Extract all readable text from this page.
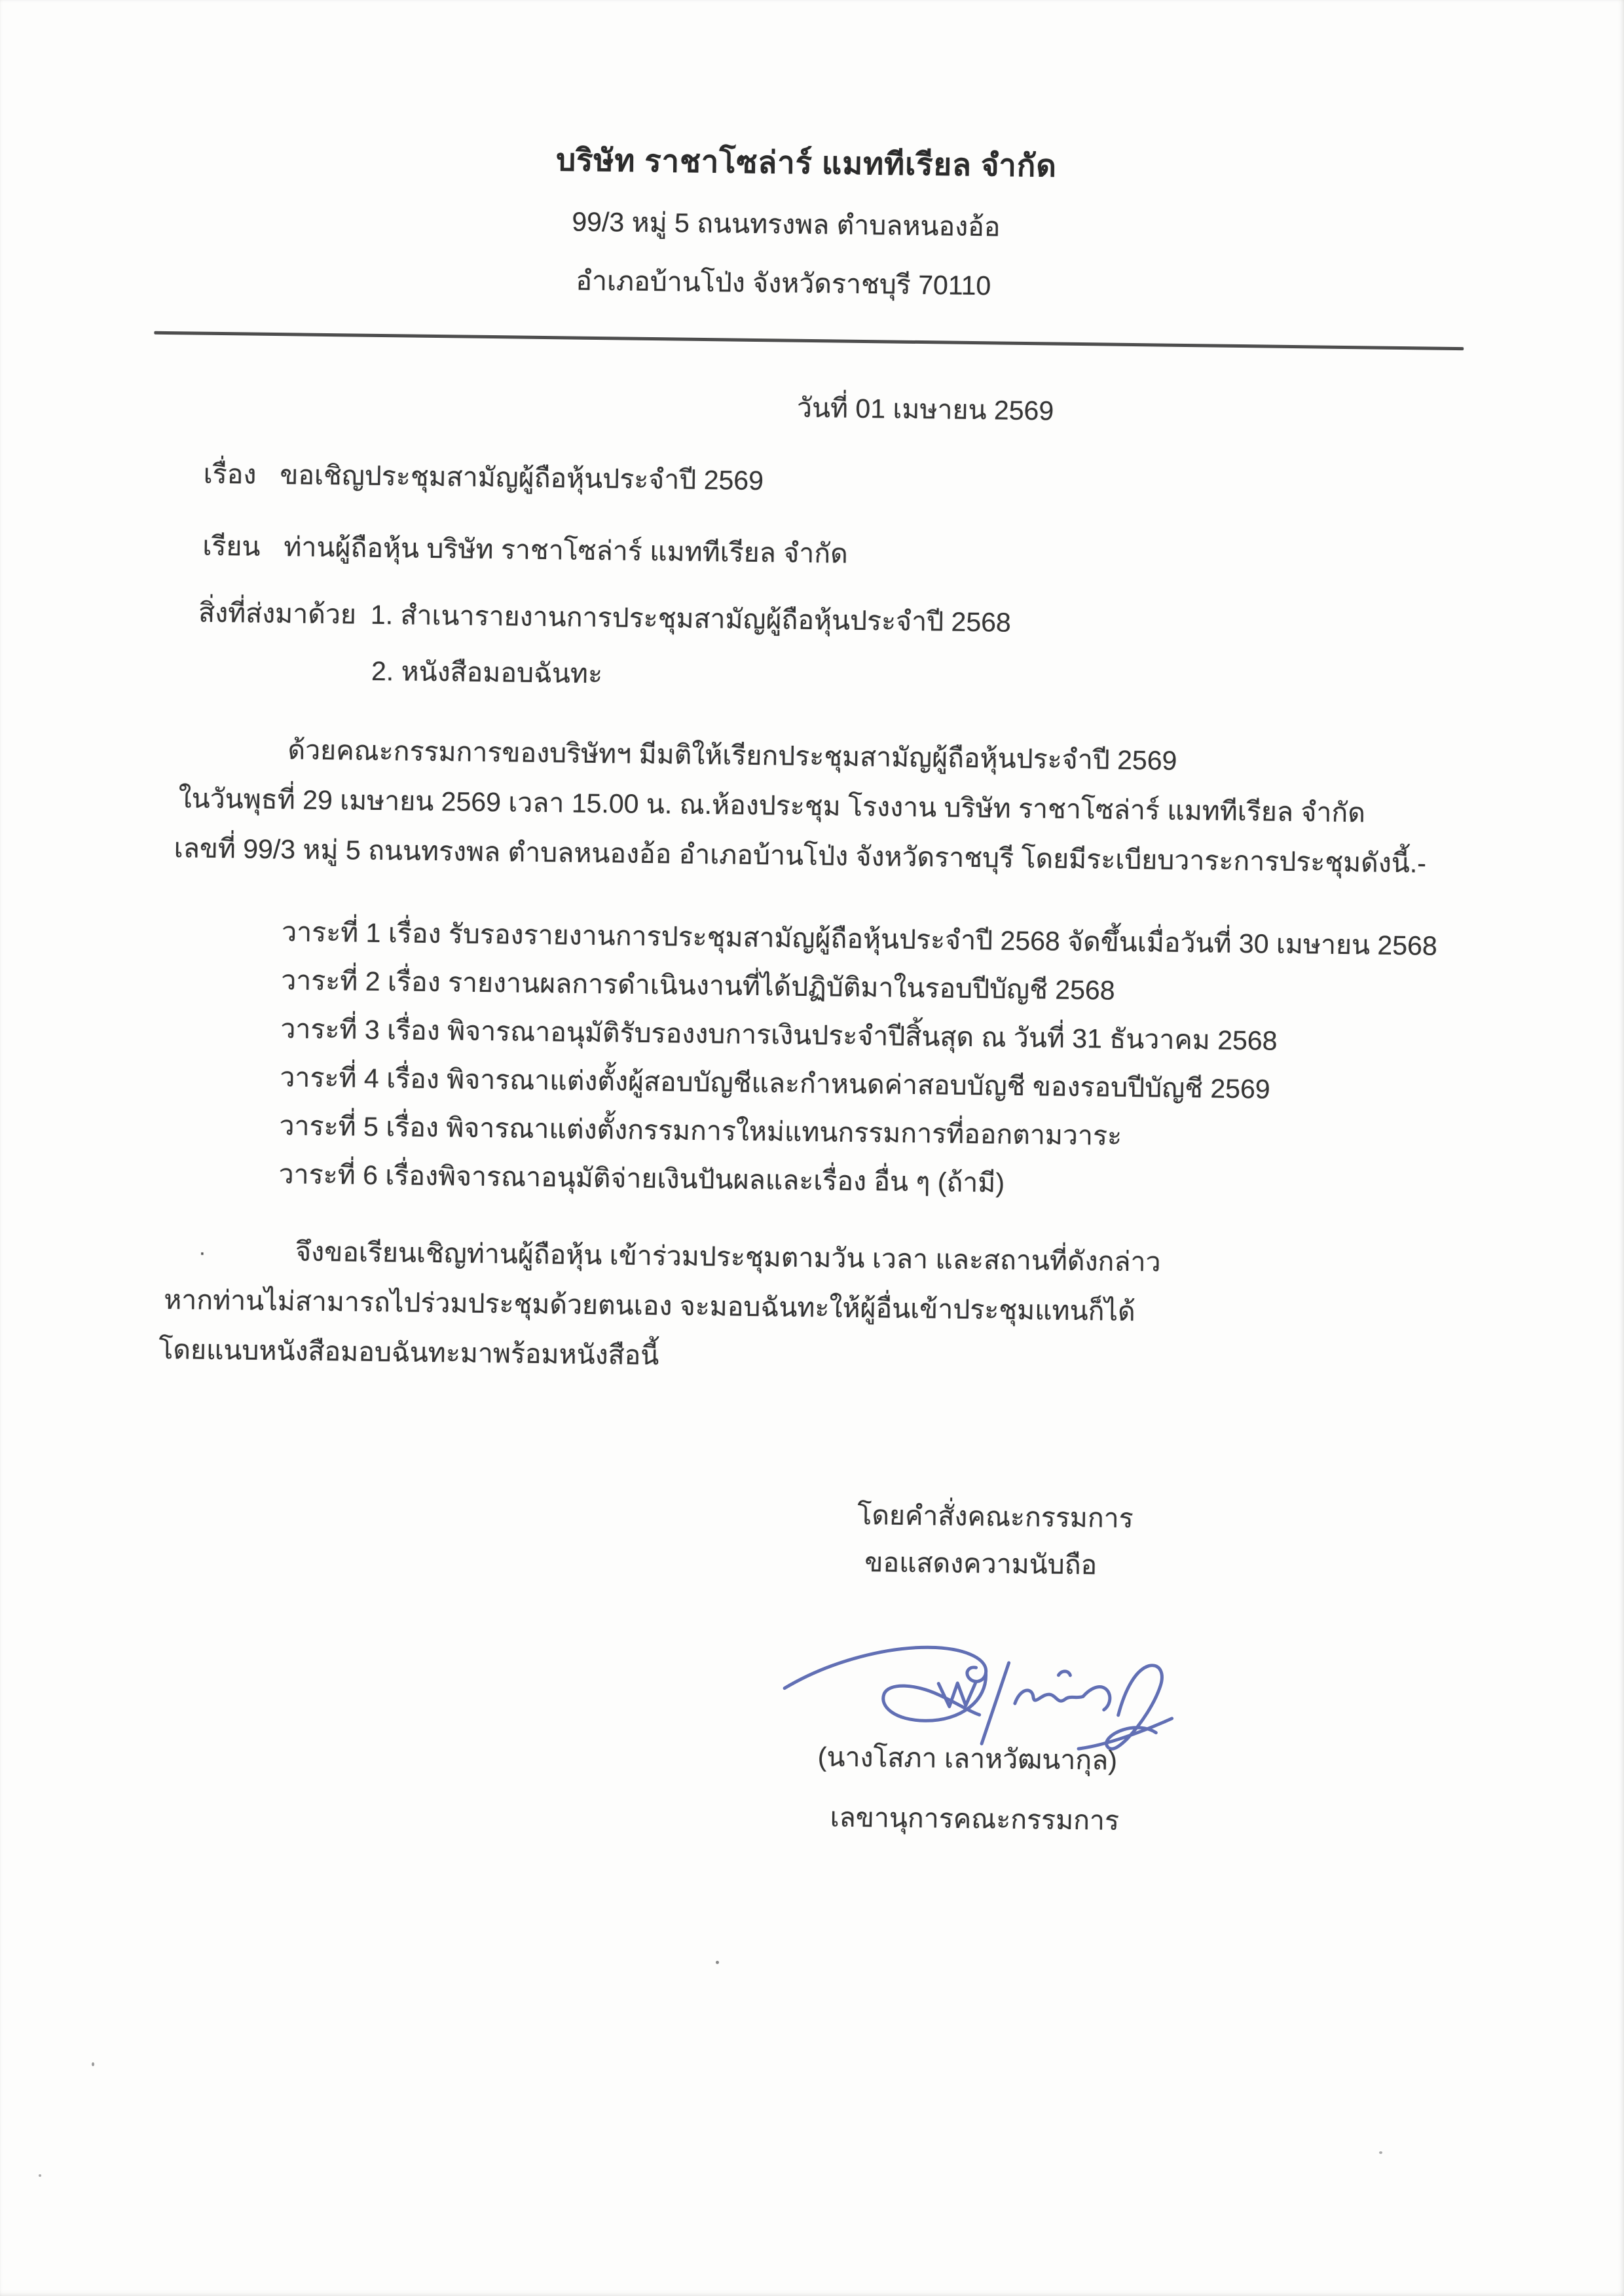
บริษัท ราชาโซล่าร์ แมททีเรียล จำกัด
99/3 หมู่ 5 ถนนทรงพล ตำบลหนองอ้อ
อำเภอบ้านโป่ง จังหวัดราชบุรี 70110
วันที่ 01 เมษายน 2569
เรื่อง ขอเชิญประชุมสามัญผู้ถือหุ้นประจำปี 2569
เรียน ท่านผู้ถือหุ้น บริษัท ราชาโซล่าร์ แมททีเรียล จำกัด
สิ่งที่ส่งมาด้วย 1. สำเนารายงานการประชุมสามัญผู้ถือหุ้นประจำปี 2568
2. หนังสือมอบฉันทะ
ด้วยคณะกรรมการของบริษัทฯ มีมติให้เรียกประชุมสามัญผู้ถือหุ้นประจำปี 2569
ในวันพุธที่ 29 เมษายน 2569 เวลา 15.00 น. ณ.ห้องประชุม โรงงาน บริษัท ราชาโซล่าร์ แมททีเรียล จำกัด
เลขที่ 99/3 หมู่ 5 ถนนทรงพล ตำบลหนองอ้อ อำเภอบ้านโป่ง จังหวัดราชบุรี โดยมีระเบียบวาระการประชุมดังนี้.-
วาระที่ 1 เรื่อง รับรองรายงานการประชุมสามัญผู้ถือหุ้นประจำปี 2568 จัดขึ้นเมื่อวันที่ 30 เมษายน 2568
วาระที่ 2 เรื่อง รายงานผลการดำเนินงานที่ได้ปฏิบัติมาในรอบปีบัญชี 2568
วาระที่ 3 เรื่อง พิจารณาอนุมัติรับรองงบการเงินประจำปีสิ้นสุด ณ วันที่ 31 ธันวาคม 2568
วาระที่ 4 เรื่อง พิจารณาแต่งตั้งผู้สอบบัญชีและกำหนดค่าสอบบัญชี ของรอบปีบัญชี 2569
วาระที่ 5 เรื่อง พิจารณาแต่งตั้งกรรมการใหม่แทนกรรมการที่ออกตามวาระ
วาระที่ 6 เรื่องพิจารณาอนุมัติจ่ายเงินปันผลและเรื่อง อื่น ๆ (ถ้ามี)
.	จึงขอเรียนเชิญท่านผู้ถือหุ้น เข้าร่วมประชุมตามวัน เวลา และสถานที่ดังกล่าว
หากท่านไม่สามารถไปร่วมประชุมด้วยตนเอง จะมอบฉันทะให้ผู้อื่นเข้าประชุมแทนก็ได้
โดยแนบหนังสือมอบฉันทะมาพร้อมหนังสือนี้
โดยคำสั่งคณะกรรมการ
ขอแสดงความนับถือ
(นางโสภา เลาหวัฒนากุล)
เลขานุการคณะกรรมการ
